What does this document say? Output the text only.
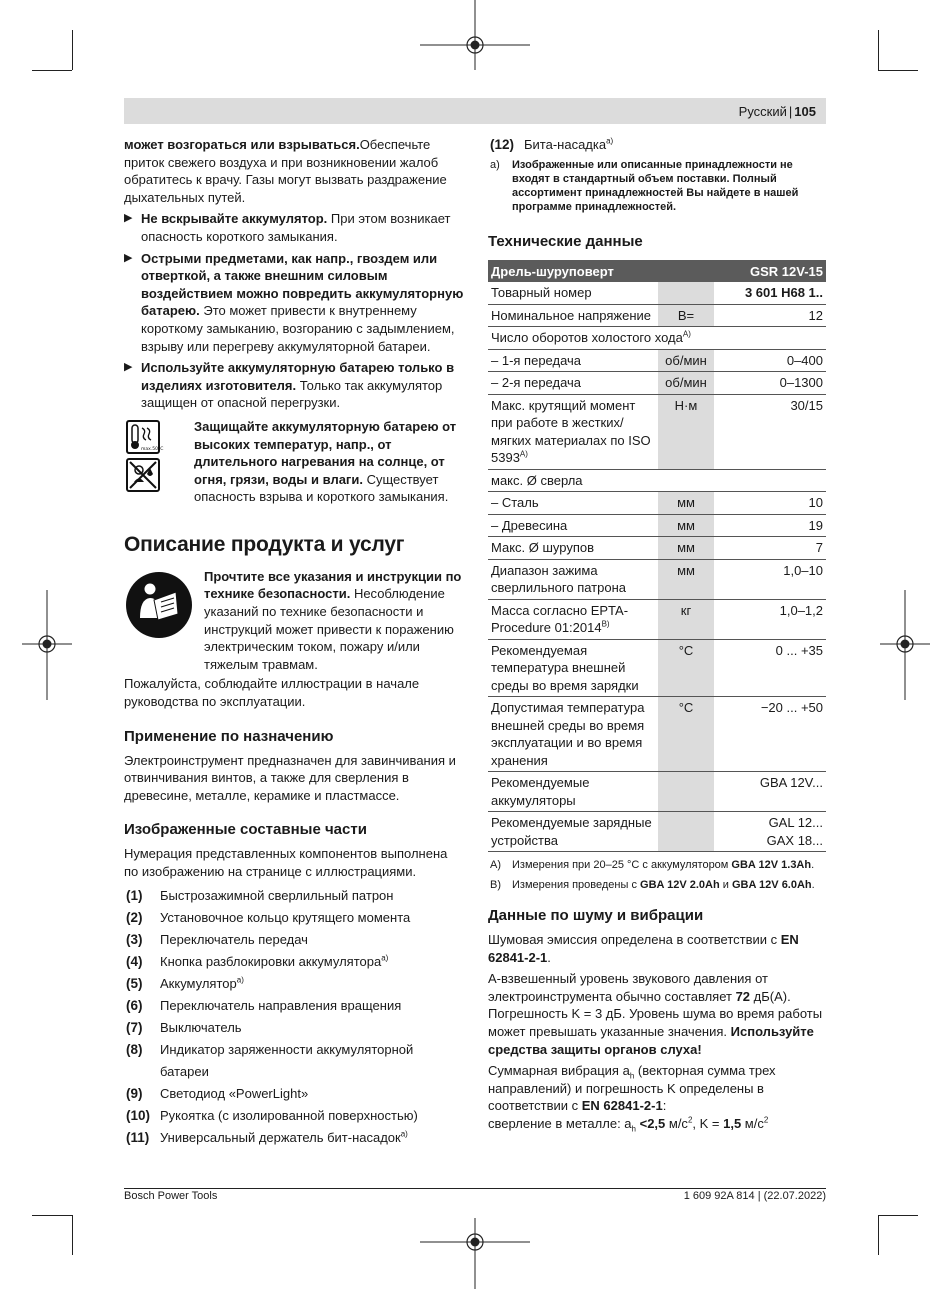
Русский | 105

может возгораться или взрываться.Обеспечьте приток свежего воздуха и при возникновении жалоб обратитесь к врачу. Газы могут вызвать раздражение дыхательных путей.

▶ Не вскрывайте аккумулятор. При этом возникает опасность короткого замыкания.

▶ Острыми предметами, как напр., гвоздем или отверткой, а также внешним силовым воздействием можно повредить аккумуляторную батарею. Это может привести к внутреннему короткому замыканию, возгоранию с задымлением, взрыву или перегреву аккумуляторной батареи.

▶ Используйте аккумуляторную батарею только в изделиях изготовителя. Только так аккумулятор защищен от опасной перегрузки.

max.50°C

Защищайте аккумуляторную батарею от высоких температур, напр., от длительного нагревания на солнце, от огня, грязи, воды и влаги. Существует опасность взрыва и короткого замыкания.

Описание продукта и услуг

Прочтите все указания и инструкции по технике безопасности. Несоблюдение указаний по технике безопасности и инструкций может привести к поражению электрическим током, пожару и/или тяжелым травмам.

Пожалуйста, соблюдайте иллюстрации в начале руководства по эксплуатации.

Применение по назначению

Электроинструмент предназначен для завинчивания и отвинчивания винтов, а также для сверления в древесине, металле, керамике и пластмассе.

Изображенные составные части

Нумерация представленных компонентов выполнена по изображению на странице с иллюстрациями.

(1) Быстрозажимной сверлильный патрон
(2) Установочное кольцо крутящего момента
(3) Переключатель передач
(4) Кнопка разблокировки аккумулятора$^{a)}$
(5) Аккумулятор$^{a)}$
(6) Переключатель направления вращения
(7) Выключатель
(8) Индикатор заряженности аккумуляторной батареи
(9) Светодиод «PowerLight»
(10) Рукоятка (с изолированной поверхностью)
(11) Универсальный держатель бит-насадок$^{a)}$
(12) Бита-насадка$^{a)}$
a) Изображенные или описанные принадлежности не входят в стандартный объем поставки. Полный ассортимент принадлежностей Вы найдете в нашей программе принадлежностей.
Технические данные
Дрель-шуруповерт		GSR 12V-15
Товарный номер		3 601 H68 1..
Номинальное напряжение	В=	12
Число оборотов холостого хода$^{A)}$
– 1-я передача	об/мин	0–400
– 2-я передача	об/мин	0–1300
Макс. крутящий момент при работе в жестких/мягких материалах по ISO $5393^{A)}$	Н·м	30/15
макс. Ø сверла		
– Сталь	мм	10
– Древесина	мм	19
Макс. Ø шурупов	мм	7
Диапазон зажима сверлильного патрона	мм	1,0–10
Масса согласно EPTA-Procedure $01:2014^{B)}$	кг	1,0–1,2
Рекомендуемая температура внешней среды во время зарядки	°C	0 ... +35
Допустимая температура внешней среды во время эксплуатации и во время хранения	°C	−20 ... +50
Рекомендуемые аккумуляторы		GBA 12V...
Рекомендуемые зарядные устройства		GAL 12...
GAX 18...
A) Измерения при 20–25 °C с аккумулятором GBA 12V 1.3Ah.
B) Измерения проведены с GBA 12V 2.0Ah и GBA 12V 6.0Ah.
Данные по шуму и вибрации

Шумовая эмиссия определена в соответствии с EN 62841-2-1.

А-взвешенный уровень звукового давления от электроинструмента обычно составляет 72 дБ(A). Погрешность K = 3 дБ. Уровень шума во время работы может превышать указанные значения. Используйте средства защиты органов слуха!

Суммарная вибрация $a_h$ (векторная сумма трех направлений) и погрешность K определены в соответствии с EN 62841-2-1:

сверление в металле: $a_h <2,5$ $м/с^2$, K = 1,5 $м/с^2$

Bosch Power Tools	1 609 92A 814 | (22.07.2022)
